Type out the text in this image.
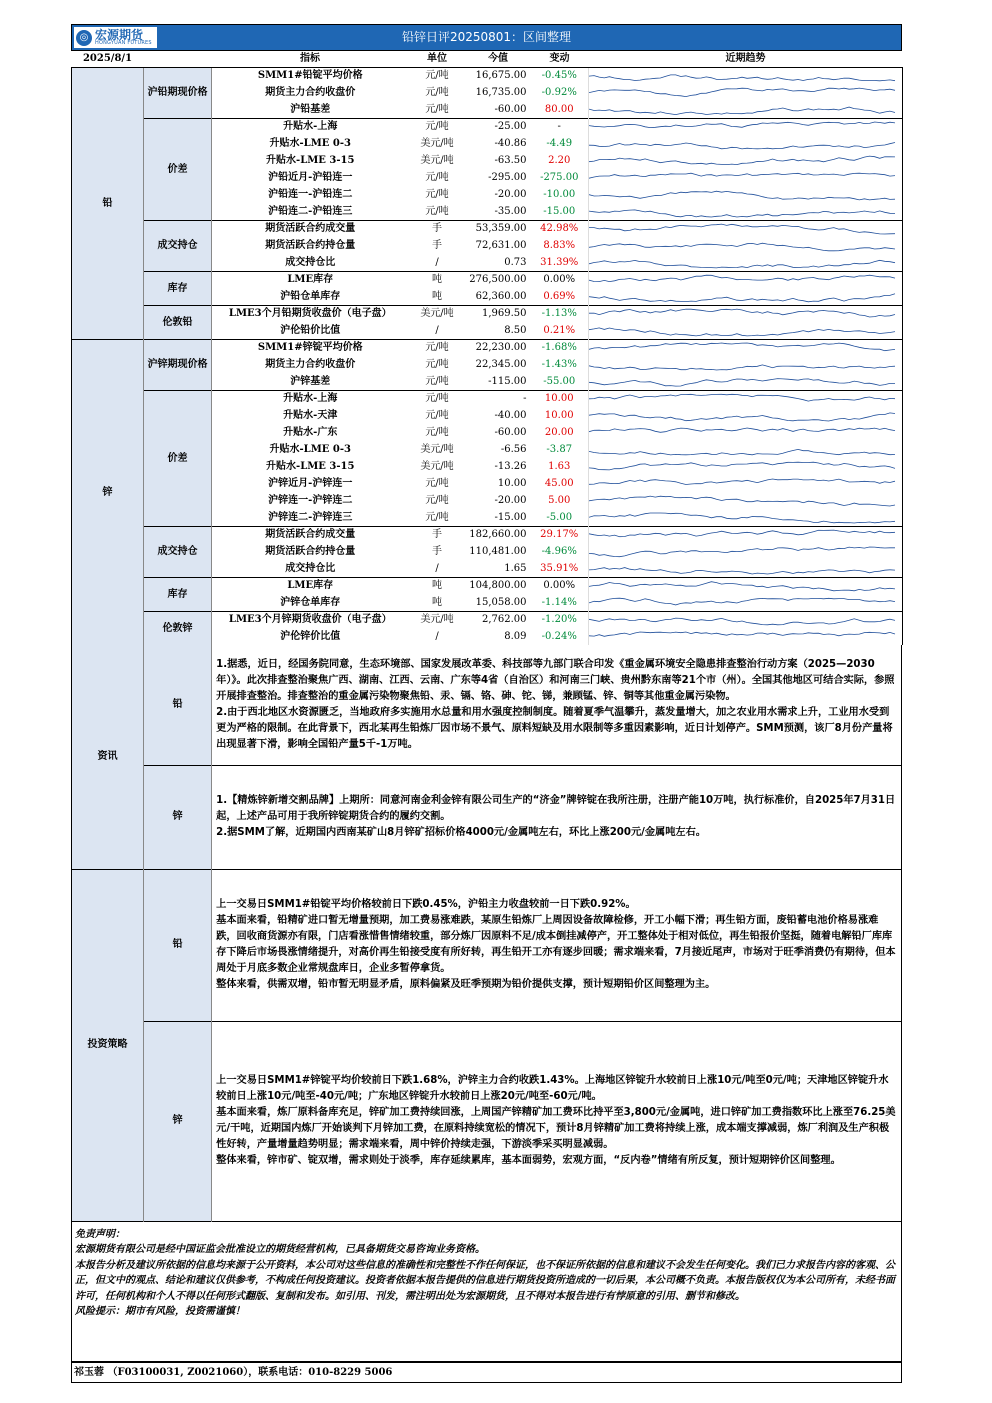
◎ 宏源期货
HONGYUAN FUTURES	铅锌日评20250801：区间整理
2025/8/1		指标	单位	今值	变动	近期趋势
铅	沪铅期现价格	SMM1#铅锭平均价格	元/吨	16,675.00	-0.45%	

		期货主力合约收盘价	元/吨	16,735.00	-0.92%	

		沪铅基差	元/吨	-60.00	80.00	

	价差	升贴水-上海	元/吨	-25.00	-	

		升贴水-LME 0-3	美元/吨	-40.86	-4.49	

		升贴水-LME 3-15	美元/吨	-63.50	2.20	

		沪铅近月-沪铅连一	元/吨	-295.00	-275.00	

		沪铅连一-沪铅连二	元/吨	-20.00	-10.00	

		沪铅连二-沪铅连三	元/吨	-35.00	-15.00	

	成交持仓	期货活跃合约成交量	手	53,359.00	42.98%	

		期货活跃合约持仓量	手	72,631.00	8.83%	

		成交持仓比	/	0.73	31.39%	

	库存	LME库存	吨	276,500.00	0.00%	

		沪铅仓单库存	吨	62,360.00	0.69%	

	伦敦铅	LME3个月铅期货收盘价（电子盘）	美元/吨	1,969.50	-1.13%	

		沪伦铅价比值	/	8.50	0.21%	

锌	沪锌期现价格	SMM1#锌锭平均价格	元/吨	22,230.00	-1.68%	

		期货主力合约收盘价	元/吨	22,345.00	-1.43%	

		沪锌基差	元/吨	-115.00	-55.00	

	价差	升贴水-上海	元/吨	-	10.00	

		升贴水-天津	元/吨	-40.00	10.00	

		升贴水-广东	元/吨	-60.00	20.00	

		升贴水-LME 0-3	美元/吨	-6.56	-3.87	

		升贴水-LME 3-15	美元/吨	-13.26	1.63	

		沪锌近月-沪锌连一	元/吨	10.00	45.00	

		沪锌连一-沪锌连二	元/吨	-20.00	5.00	

		沪锌连二-沪锌连三	元/吨	-15.00	-5.00	

	成交持仓	期货活跃合约成交量	手	182,660.00	29.17%	

		期货活跃合约持仓量	手	110,481.00	-4.96%	

		成交持仓比	/	1.65	35.91%	

	库存	LME库存	吨	104,800.00	0.00%	

		沪锌仓单库存	吨	15,058.00	-1.14%	

	伦敦锌	LME3个月锌期货收盘价（电子盘）	美元/吨	2,762.00	-1.20%	

		沪伦锌价比值	/	8.09	-0.24%	
资讯	铅	1.据悉，近日，经国务院同意，生态环境部、国家发展改革委、科技部等九部门联合印发《重金属环境安全隐患排查整治行动方案（2025—2030年）》。此次排查整治聚焦广西、湖南、江西、云南、广东等4省（自治区）和河南三门峡、贵州黔东南等21个市（州）。全国其他地区可结合实际，参照开展排查整治。排查整治的重金属污染物聚焦铅、汞、镉、铬、砷、铊、锑，兼顾锰、锌、铜等其他重金属污染物。

2.由于西北地区水资源匮乏，当地政府多实施用水总量和用水强度控制制度。随着夏季气温攀升，蒸发量增大，加之农业用水需求上升，工业用水受到更为严格的限制。在此背景下，西北某再生铅炼厂因市场不景气、原料短缺及用水限制等多重因素影响，近日计划停产。SMM预测，该厂8月份产量将出现显著下滑，影响全国铅产量5千-1万吨。

	锌	1.【精炼锌新增交割品牌】上期所：同意河南金利金锌有限公司生产的“济金”牌锌锭在我所注册，注册产能10万吨，执行标准价，自2025年7月31日起，上述产品可用于我所锌锭期货合约的履约交割。

2.据SMM了解，近期国内西南某矿山8月锌矿招标价格4000元/金属吨左右，环比上涨200元/金属吨左右。

投资策略	铅	上一交易日SMM1#铅锭平均价格较前日下跌0.45%，沪铅主力收盘较前一日下跌0.92%。

基本面来看，铅精矿进口暂无增量预期，加工费易涨难跌，某原生铅炼厂上周因设备故障检修，开工小幅下滑；再生铅方面，废铅蓄电池价格易涨难跌，回收商货源亦有限，门店看涨惜售情绪较重，部分炼厂因原料不足/成本倒挂减停产，开工整体处于相对低位，再生铅报价坚挺，随着电解铅厂库库存下降后市场畏涨情绪提升，对高价再生铅接受度有所好转，再生铅开工亦有逐步回暖；需求端来看，7月接近尾声，市场对于旺季消费仍有期待，但本周处于月底多数企业常规盘库日，企业多暂停拿货。

整体来看，供需双增，铅市暂无明显矛盾，原料偏紧及旺季预期为铅价提供支撑，预计短期铅价区间整理为主。

	锌	上一交易日SMM1#锌锭平均价较前日下跌1.68%，沪锌主力合约收跌1.43%。上海地区锌锭升水较前日上涨10元/吨至0元/吨；天津地区锌锭升水较前日上涨10元/吨至-40元/吨；广东地区锌锭升水较前日上涨20元/吨至-60元/吨。

基本面来看，炼厂原料备库充足，锌矿加工费持续回涨，上周国产锌精矿加工费环比持平至3,800元/金属吨，进口锌矿加工费指数环比上涨至76.25美元/干吨，近期国内炼厂开始谈判下月锌加工费，在原料持续宽松的情况下，预计8月锌精矿加工费将持续上涨，成本端支撑减弱，炼厂利润及生产积极性好转，产量增量趋势明显；需求端来看，周中锌价持续走强，下游淡季采买明显减弱。

整体来看，锌市矿、锭双增，需求则处于淡季，库存延续累库，基本面弱势，宏观方面，“反内卷”情绪有所反复，预计短期锌价区间整理。

免责声明：

宏源期货有限公司是经中国证监会批准设立的期货经营机构，已具备期货交易咨询业务资格。

本报告分析及建议所依据的信息均来源于公开资料，本公司对这些信息的准确性和完整性不作任何保证，也不保证所依据的信息和建议不会发生任何变化。我们已力求报告内容的客观、公正，但文中的观点、结论和建议仅供参考，不构成任何投资建议。投资者依据本报告提供的信息进行期货投资所造成的一切后果，本公司概不负责。本报告版权仅为本公司所有，未经书面许可，任何机构和个人不得以任何形式翻版、复制和发布。如引用、刊发，需注明出处为宏源期货，且不得对本报告进行有悖原意的引用、删节和修改。

风险提示：期市有风险，投资需谨慎！

祁玉蓉 （F03100031, Z0021060），联系电话：010-8229 5006
